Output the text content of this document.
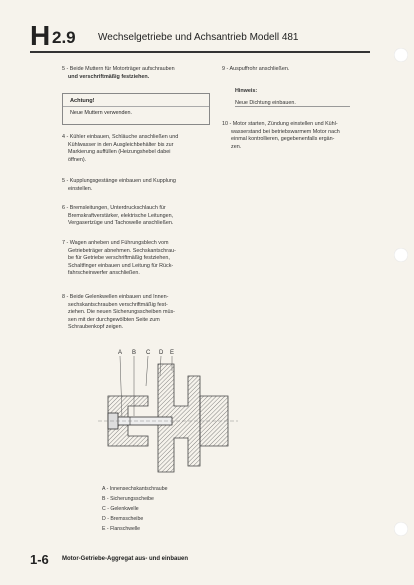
H 2.9 Wechselgetriebe und Achsantrieb Modell 481
5 - Beide Muttern für Motorträger aufschrauben
und verschriftmäßig festziehen.
Achtung!
Neue Muttern verwenden.
4 - Kühler einbauen, Schläuche anschließen und
Kühlwasser in den Ausgleichbehälter bis zur
Markierung auffüllen (Heizungshebel dabei
öffnen).
9 - Auspuffrohr anschließen.
Hinweis:
Neue Dichtung einbauen.
10 - Motor starten, Zündung einstellen und Kühl-
wasserstand bei betriebswarmem Motor nach
einmal kontrollieren, gegebenenfalls ergän-
zen.
5 - Kupplungsgestänge einbauen und Kupplung
einstellen.
6 - Bremsleitungen, Unterdruckschlauch für
Bremskraftverstärker, elektrische Leitungen,
Vergasertzüge und Tachowelle anschließen.
7 - Wagen anheben und Führungsblech vom
Getriebeträger abnehmen. Sechskantschrau-
be für Getriebe verschriftmäßig festziehen,
Schaltfinger einbauen und Leitung für Rück-
fahrscheinwerfer anschließen.
8 - Beide Gelenkwellen einbauen und Innen-
sechskantschrauben verschriftmäßig fest-
ziehen. Die neuen Sicherungsscheiben müs-
sen mit der durchgewölbten Seite zum
Schraubenkopf zeigen.
A B C D E
A - Innensechskantschraube
B - Sicherungsscheibe
C - Gelenkwelle
D - Bremsscheibe
E - Flanschwelle
1-6 Motor-Getriebe-Aggregat aus- und einbauen
